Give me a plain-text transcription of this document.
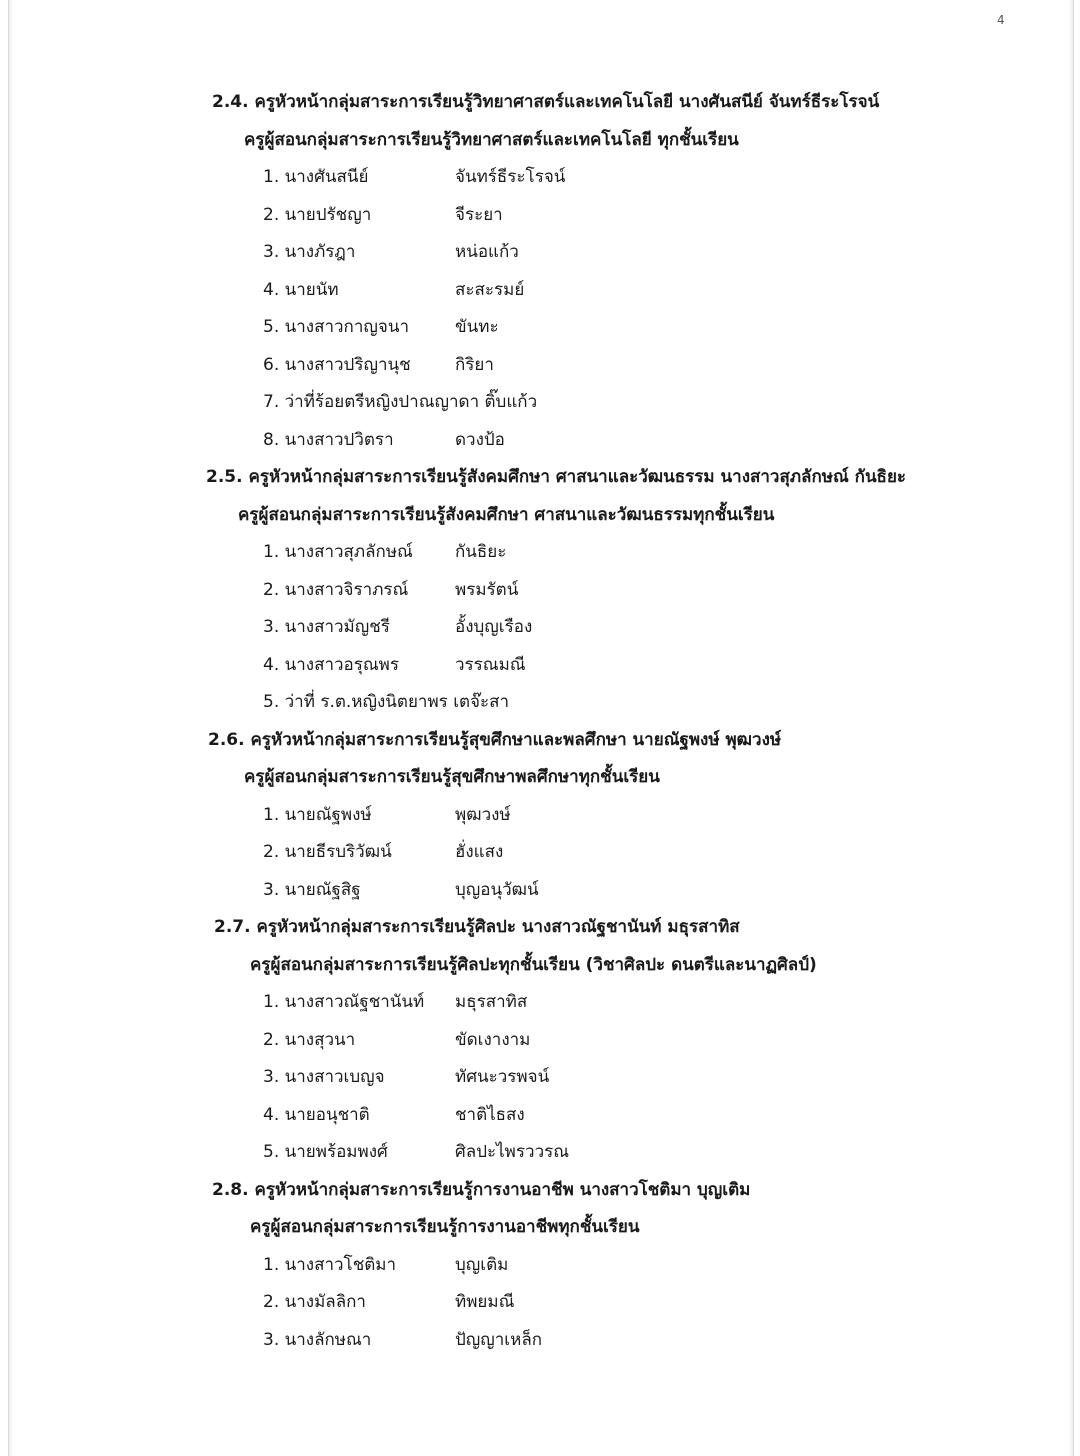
4
2.4. ครูหัวหน้ากลุ่มสาระการเรียนรู้วิทยาศาสตร์และเทคโนโลยี นางศันสนีย์ จันทร์ธีระโรจน์
ครูผู้สอนกลุ่มสาระการเรียนรู้วิทยาศาสตร์และเทคโนโลยี ทุกชั้นเรียน
1. นางศันสนีย์	จันทร์ธีระโรจน์
2. นายปรัชญา	จีระยา
3. นางภัรฎา	หน่อแก้ว
4. นายนัท	สะสะรมย์
5. นางสาวกาญจนา	ขันทะ
6. นางสาวปริญานุช	กิริยา
7. ว่าที่ร้อยตรีหญิงปาณญาดา ติ๊บแก้ว
8. นางสาวปวิตรา	ดวงป้อ
2.5. ครูหัวหน้ากลุ่มสาระการเรียนรู้สังคมศึกษา ศาสนาและวัฒนธรรม นางสาวสุภลักษณ์ กันธิยะ
ครูผู้สอนกลุ่มสาระการเรียนรู้สังคมศึกษา ศาสนาและวัฒนธรรมทุกชั้นเรียน
1. นางสาวสุภลักษณ์ กันธิยะ
2. นางสาวจิราภรณ์	พรมรัตน์
3. นางสาวมัญชรี	อั้งบุญเรือง
4. นางสาวอรุณพร	วรรณมณี
5. ว่าที่ ร.ต.หญิงนิตยาพร เตจ๊ะสา
2.6. ครูหัวหน้ากลุ่มสาระการเรียนรู้สุขศึกษาและพลศึกษา นายณัฐพงษ์ พุฒวงษ์
ครูผู้สอนกลุ่มสาระการเรียนรู้สุขศึกษาพลศึกษาทุกชั้นเรียน
1. นายณัฐพงษ์	พุฒวงษ์
2. นายธีรบริวัฒน์	ฮั่งแสง
3. นายณัฐสิฐ	บุญอนุวัฒน์
2.7. ครูหัวหน้ากลุ่มสาระการเรียนรู้ศิลปะ นางสาวณัฐชานันท์ มธุรสาทิส
ครูผู้สอนกลุ่มสาระการเรียนรู้ศิลปะทุกชั้นเรียน (วิชาศิลปะ ดนตรีและนาฏศิลป์)
1. นางสาวณัฐชานันท์ มธุรสาทิส
2. นางสุวนา	ขัดเงางาม
3. นางสาวเบญจ	ทัศนะวรพจน์
4. นายอนุชาติ	ชาติไธสง
5. นายพร้อมพงศ์	ศิลปะไพรววรณ
2.8. ครูหัวหน้ากลุ่มสาระการเรียนรู้การงานอาชีพ นางสาวโชติมา บุญเติม
ครูผู้สอนกลุ่มสาระการเรียนรู้การงานอาชีพทุกชั้นเรียน
1. นางสาวโชติมา	บุญเติม
2. นางมัลลิกา	ทิพยมณี
3. นางลักษณา	ปัญญาเหล็ก
